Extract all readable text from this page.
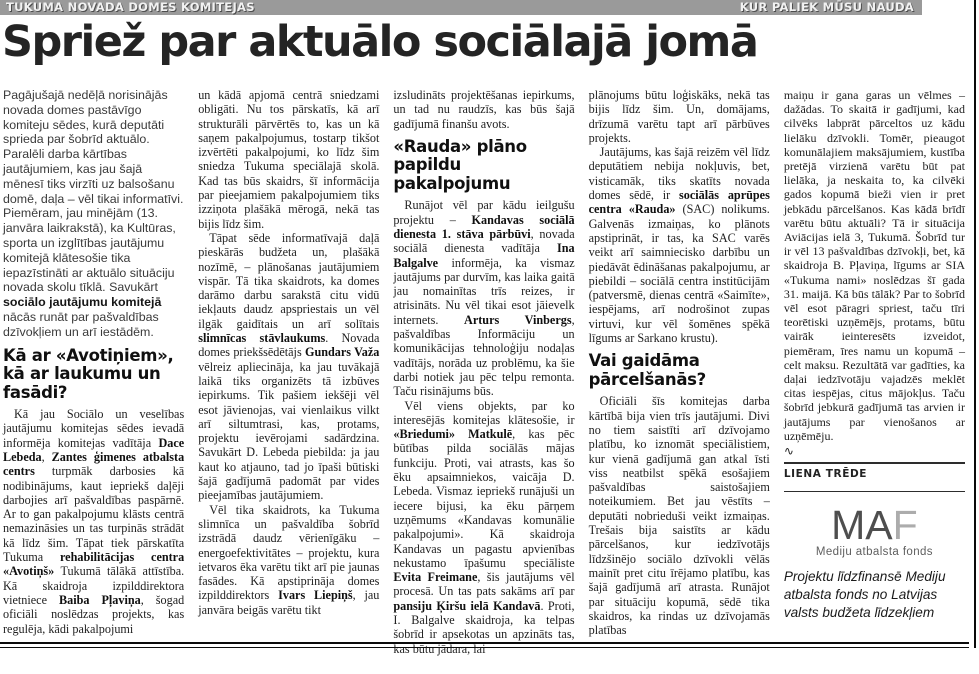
TUKUMA NOVADA DOMES KOMITEJAS	KUR PALIEK MŪSU NAUDA
Spriež par aktuālo sociālajā jomā

Pagājušajā nedēļā norisinājās novada domes pastāvīgo komiteju sēdes, kurā deputāti sprieda par šobrīd aktuālo. Paralēli darba kārtības jautājumiem, kas jau šajā mēnesī tiks virzīti uz balsošanu domē, daļa – vēl tikai informatīvi. Piemēram, jau minējām (13. janvāra laikrakstā), ka Kultūras, sporta un izglītības jautājumu komitejā klātesošie tika iepazīstināti ar aktuālo situāciju novada skolu tīklā. Savukārt sociālo jautājumu komitejā nācās runāt par pašvaldības dzīvokļiem un arī iestādēm.

Kā ar «Avotiņiem», kā ar laukumu un fasādi?

Kā jau Sociālo un veselības jautājumu komitejas sēdes ievadā informēja komitejas vadītāja Dace Lebeda, Zantes ģimenes atbalsta centrs turpmāk darbosies kā nodibinājums, kaut iepriekš daļēji darbojies arī pašvaldības paspārnē. Ar to gan pakalpojumu klāsts centrā nemazināsies un tas turpinās strādāt kā līdz šim. Tāpat tiek pārskatīta Tukuma rehabilitācijas centra «Avotiņš» Tukumā tālākā attīstība. Kā skaidroja izpilddirektora vietniece Baiba Pļaviņa, šogad oficiāli noslēdzas projekts, kas regulēja, kādi pakalpojumi

un kādā apjomā centrā sniedzami obligāti. Nu tos pārskatīs, kā arī strukturāli pārvērtēs to, kas un kā saņem pakalpojumus, tostarp tikšot izvērtēti pakalpojumi, ko līdz šim sniedza Tukuma speciālajā skolā. Kad tas būs skaidrs, šī informācija par pieejamiem pakalpojumiem tiks izziņota plašākā mērogā, nekā tas bijis līdz šim.

Tāpat sēde informatīvajā daļā pieskārās budžeta un, plašākā nozīmē, – plānošanas jautājumiem vispār. Tā tika skaidrots, ka domes darāmo darbu sarakstā citu vidū iekļauts daudz apspriestais un vēl ilgāk gaidītais un arī solītais slimnīcas stāvlaukums. Novada domes priekšsēdētājs Gundars Važa vēlreiz apliecināja, ka jau tuvākajā laikā tiks organizēts tā izbūves iepirkums. Tik pašiem iekšēji vēl esot jāvienojas, vai vienlaikus vilkt arī siltumtrasi, kas, protams, projektu ievērojami sadārdzina. Savukārt D. Lebeda piebilda: ja jau kaut ko atjauno, tad jo īpaši būtiski šajā gadījumā padomāt par vides pieejamības jautājumiem.

Vēl tika skaidrots, ka Tukuma slimnīca un pašvaldība šobrīd izstrādā daudz vērienīgāku – energoefektivitātes – projektu, kura ietvaros ēka varētu tikt arī pie jaunas fasādes. Kā apstiprināja domes izpilddirektors Ivars Liepiņš, jau janvāra beigās varētu tikt

izsludināts projektēšanas iepirkums, un tad nu raudzīs, kas būs šajā gadījumā finanšu avots.

«Rauda» plāno papildu pakalpojumu

Runājot vēl par kādu ieilgušu projektu – Kandavas sociālā dienesta 1. stāva pārbūvi, novada sociālā dienesta vadītāja Ina Balgalve informēja, ka vismaz jautājums par durvīm, kas laika gaitā jau nomainītas trīs reizes, ir atrisināts. Nu vēl tikai esot jāievelk internets. Arturs Vinbergs, pašvaldības Informāciju un komunikācijas tehnoloģiju nodaļas vadītājs, norāda uz problēmu, ka šie darbi notiek jau pēc telpu remonta. Taču risinājums būs.

Vēl viens objekts, par ko interesējās komitejas klātesošie, ir «Briedumi» Matkulē, kas pēc būtības pilda sociālās mājas funkciju. Proti, vai atrasts, kas šo ēku apsaimniekos, vaicāja D. Lebeda. Vismaz iepriekš runājuši un iecere bijusi, ka ēku pārņem uzņēmums «Kandavas komunālie pakalpojumi». Kā skaidroja Kandavas un pagastu apvienības nekustamo īpašumu speciāliste Evita Freimane, šis jautājums vēl procesā. Un tas pats sakāms arī par pansiju Ķiršu ielā Kandavā. Proti, I. Balgalve skaidroja, ka telpas šobrīd ir apsekotas un apzināts tas, kas būtu jādara, lai

plānojums būtu loģiskāks, nekā tas bijis līdz šim. Un, domājams, drīzumā varētu tapt arī pārbūves projekts.

Jautājums, kas šajā reizēm vēl līdz deputātiem nebija nokļuvis, bet, visticamāk, tiks skatīts novada domes sēdē, ir sociālās aprūpes centra «Rauda» (SAC) nolikums. Galvenās izmaiņas, ko plānots apstiprināt, ir tas, ka SAC varēs veikt arī saimniecisko darbību un piedāvāt ēdināšanas pakalpojumu, ar piebildi – sociālā centra institūcijām (patversmē, dienas centrā «Saimīte», iespējams, arī nodrošinot zupas virtuvi, kur vēl šomēnes spēkā līgums ar Sarkano krustu).

Vai gaidāma pārcelšanās?

Oficiāli šīs komitejas darba kārtībā bija vien trīs jautājumi. Divi no tiem saistīti arī dzīvojamo platību, ko iznomāt speciālistiem, kur vienā gadījumā gan atkal īsti viss neatbilst spēkā esošajiem pašvaldības saistošajiem noteikumiem. Bet jau vēstīts – deputāti nobrieduši veikt izmaiņas. Trešais bija saistīts ar kādu pārcelšanos, kur iedzīvotājs līdzšinējo sociālo dzīvokli vēlās mainīt pret citu īrējamo platību, kas šajā gadījumā arī atrasta. Runājot par situāciju kopumā, sēdē tika skaidros, ka rindas uz dzīvojamās platības

maiņu ir gana garas un vēlmes – dažādas. To skaitā ir gadījumi, kad cilvēks labprāt pārceltos uz kādu lielāku dzīvokli. Tomēr, pieaugot komunālajiem maksājumiem, kustība pretējā virzienā varētu būt pat lielāka, ja neskaita to, ka cilvēki gados kopumā bieži vien ir pret jebkādu pārcelšanos. Kas kādā brīdī varētu būtu aktuāli? Tā ir situācija Aviācijas ielā 3, Tukumā. Šobrīd tur ir vēl 13 pašvaldības dzīvokļi, bet, kā skaidroja B. Pļaviņa, līgums ar SIA «Tukuma nami» noslēdzas šī gada 31. maijā. Kā būs tālāk? Par to šobrīd vēl esot pāragri spriest, taču tīri teorētiski uzņēmējs, protams, būtu vairāk ieinteresēts izveidot, piemēram, īres namu un kopumā – celt maksu. Rezultātā var gadīties, ka daļai iedzīvotāju vajadzēs meklēt citas iespējas, citus mājokļus. Taču šobrīd jebkurā gadījumā tas arvien ir jautājums par vienošanos ar uzņēmēju.

∿
LIENA TRĒDE
MAF
Mediju atbalsta fonds

Projektu līdzfinansē Mediju atbalsta fonds no Latvijas valsts budžeta līdzekļiem
